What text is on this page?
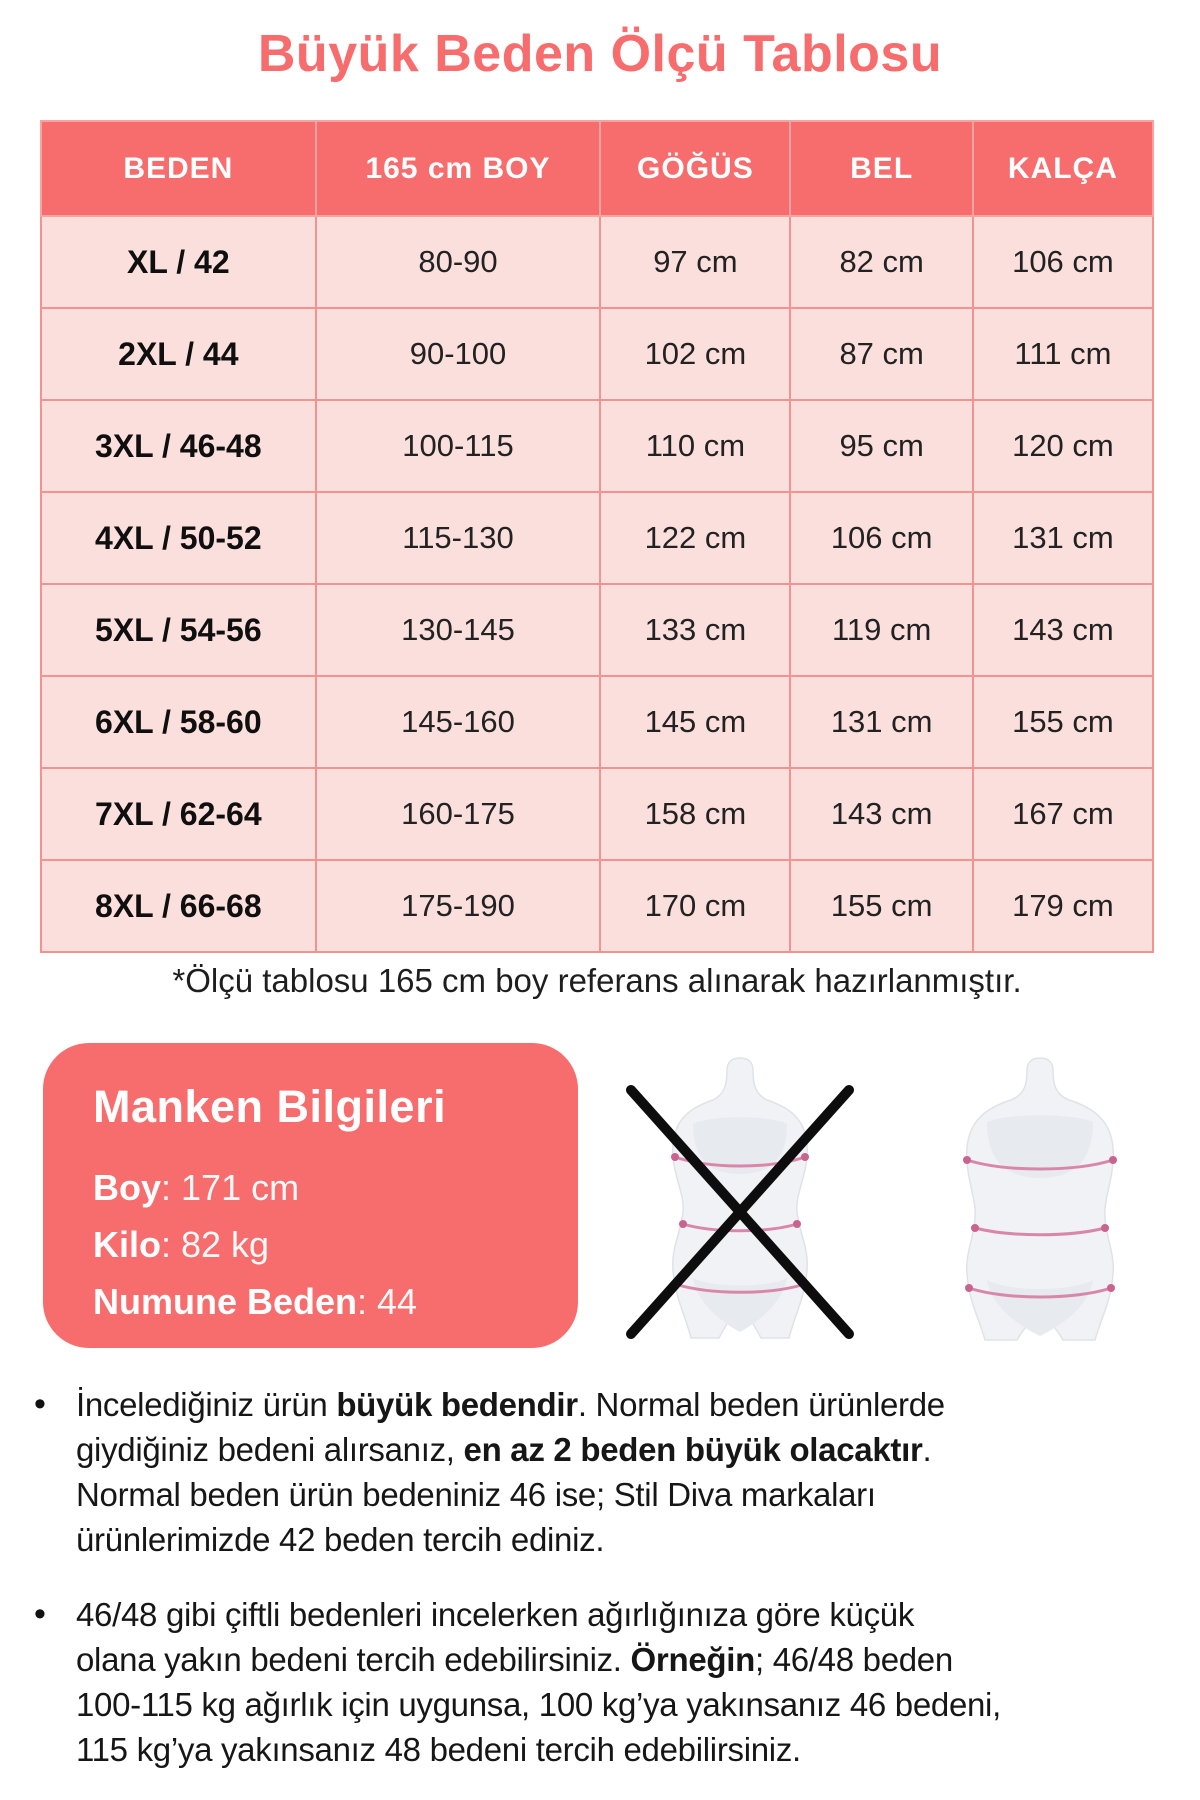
Büyük Beden Ölçü Tablosu
BEDEN	165 cm BOY	GÖĞÜS	BEL	KALÇA
XL / 42	80-90	97 cm	82 cm	106 cm
2XL / 44	90-100	102 cm	87 cm	111 cm
3XL / 46-48	100-115	110 cm	95 cm	120 cm
4XL / 50-52	115-130	122 cm	106 cm	131 cm
5XL / 54-56	130-145	133 cm	119 cm	143 cm
6XL / 58-60	145-160	145 cm	131 cm	155 cm
7XL / 62-64	160-175	158 cm	143 cm	167 cm
8XL / 66-68	175-190	170 cm	155 cm	179 cm

*Ölçü tablosu 165 cm boy referans alınarak hazırlanmıştır.

Manken Bilgileri
Boy: 171 cm
Kilo: 82 kg
Numune Beden: 44
• İncelediğiniz ürün büyük bedendir. Normal beden ürünlerde
giydiğiniz bedeni alırsanız, en az 2 beden büyük olacaktır.
Normal beden ürün bedeniniz 46 ise; Stil Diva markaları
ürünlerimizde 42 beden tercih ediniz.
• 46/48 gibi çiftli bedenleri incelerken ağırlığınıza göre küçük
olana yakın bedeni tercih edebilirsiniz. Örneğin; 46/48 beden
100-115 kg ağırlık için uygunsa, 100 kg’ya yakınsanız 46 bedeni,
115 kg’ya yakınsanız 48 bedeni tercih edebilirsiniz.
